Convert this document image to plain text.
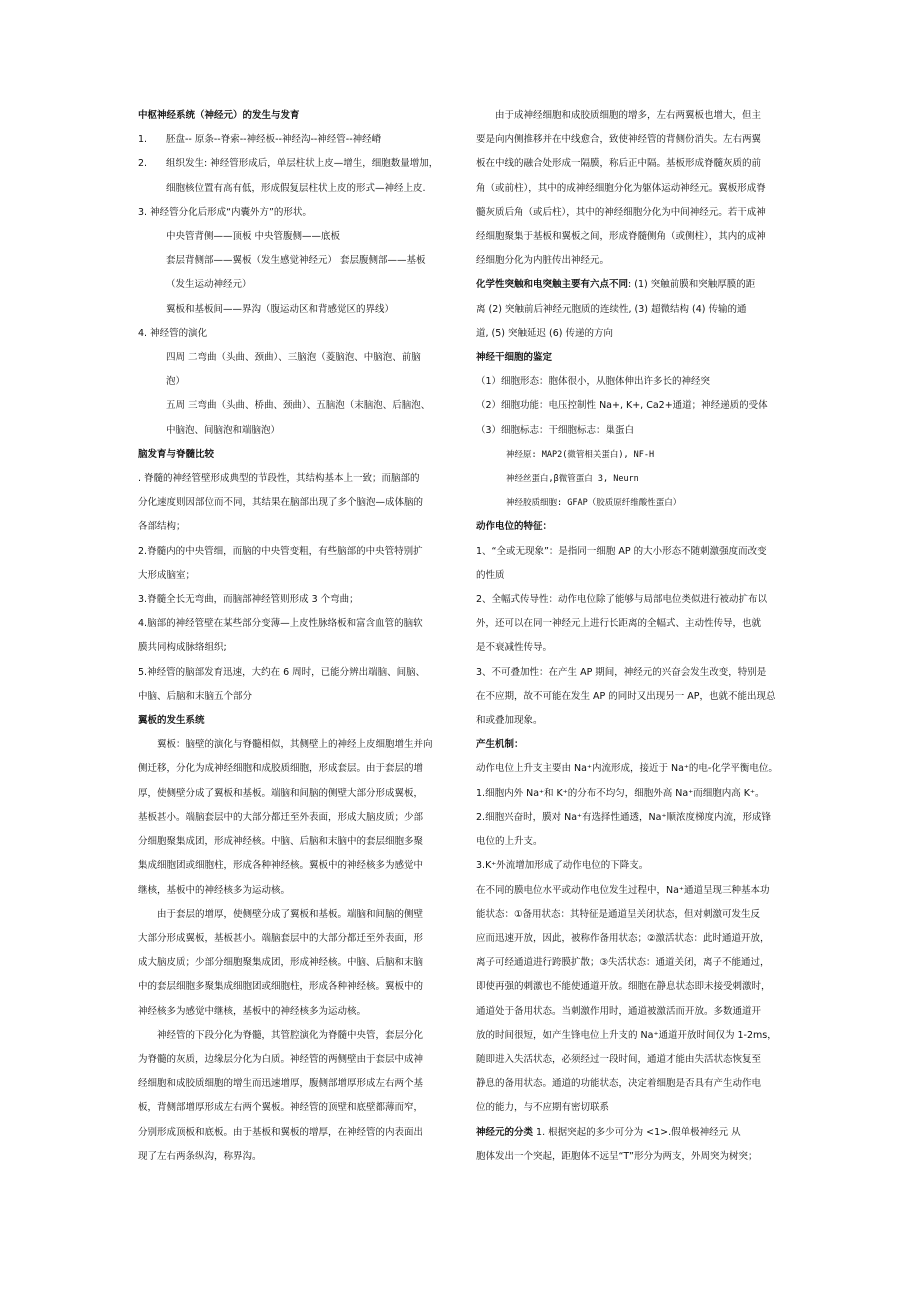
中枢神经系统（神经元）的发生与发育

1.	胚盘-- 原条--脊索--神经板--神经沟--神经管--神经嵴
2.	组织发生: 神经管形成后，单层柱状上皮—增生，细胞数量增加，

细胞核位置有高有低，形成假复层柱状上皮的形式—神经上皮.

3. 神经管分化后形成“内囊外方”的形状。

中央管背侧——顶板 中央管腹侧——底板

套层背侧部——翼板（发生感觉神经元） 套层腹侧部——基板

（发生运动神经元）

翼板和基板间——界沟（腹运动区和背感觉区的界线）

4. 神经管的演化

四周 二弯曲（头曲、颈曲）、三脑泡（菱脑泡、中脑泡、前脑

泡）

五周 三弯曲（头曲、桥曲、颈曲）、五脑泡（末脑泡、后脑泡、

中脑泡、间脑泡和端脑泡）

脑发育与脊髓比较

. 脊髓的神经管壁形成典型的节段性，其结构基本上一致；而脑部的

分化速度则因部位而不同，其结果在脑部出现了多个脑泡—成体脑的

各部结构；

2.脊髓内的中央管细，而脑的中央管变粗，有些脑部的中央管特别扩

大形成脑室；

3.脊髓全长无弯曲，而脑部神经管则形成 3 个弯曲；

4.脑部的神经管壁在某些部分变薄—上皮性脉络板和富含血管的脑软

膜共同构成脉络组织;

5.神经管的脑部发育迅速，大约在 6 周时，已能分辨出端脑、间脑、

中脑、后脑和末脑五个部分

翼板的发生系统

翼板：脑壁的演化与脊髓相似，其侧壁上的神经上皮细胞增生并向

侧迁移，分化为成神经细胞和成胶质细胞，形成套层。由于套层的增

厚，使侧壁分成了翼板和基板。端脑和间脑的侧壁大部分形成翼板，

基板甚小。端脑套层中的大部分都迁至外表面，形成大脑皮质；少部

分细胞聚集成团，形成神经核。中脑、后脑和末脑中的套层细胞多聚

集成细胞团或细胞柱，形成各种神经核。翼板中的神经核多为感觉中

继核，基板中的神经核多为运动核。

由于套层的增厚，使侧壁分成了翼板和基板。端脑和间脑的侧壁

大部分形成翼板，基板甚小。端脑套层中的大部分都迁至外表面，形

成大脑皮质；少部分细胞聚集成团，形成神经核。中脑、后脑和末脑

中的套层细胞多聚集成细胞团或细胞柱，形成各种神经核。翼板中的

神经核多为感觉中继核，基板中的神经核多为运动核。

神经管的下段分化为脊髓，其管腔演化为脊髓中央管，套层分化

为脊髓的灰质，边缘层分化为白质。神经管的两侧壁由于套层中成神

经细胞和成胶质细胞的增生而迅速增厚，腹侧部增厚形成左右两个基

板，背侧部增厚形成左右两个翼板。神经管的顶壁和底壁都薄而窄，

分别形成顶板和底板。由于基板和翼板的增厚，在神经管的内表面出

现了左右两条纵沟，称界沟。

由于成神经细胞和成胶质细胞的增多，左右两翼板也增大，但主

要是向内侧推移并在中线愈合，致使神经管的背侧份消失。左右两翼

板在中线的融合处形成一隔膜，称后正中隔。基板形成脊髓灰质的前

角（或前柱），其中的成神经细胞分化为躯体运动神经元。翼板形成脊

髓灰质后角（或后柱），其中的神经细胞分化为中间神经元。若干成神

经细胞聚集于基板和翼板之间，形成脊髓侧角（或侧柱），其内的成神

经细胞分化为内脏传出神经元。

化学性突触和电突触主要有六点不同: (1) 突触前膜和突触厚膜的距

离 (2) 突触前后神经元胞质的连续性, (3) 超微结构 (4) 传输的通

道, (5) 突触延迟 (6) 传递的方向

神经干细胞的鉴定

（1）细胞形态：胞体很小，从胞体伸出许多长的神经突

（2）细胞功能：电压控制性 Na+, K+, Ca2+通道；神经递质的受体

（3）细胞标志：干细胞标志：巢蛋白

神经原: MAP2(微管相关蛋白), NF-H

神经丝蛋白,β微管蛋白 3, Neurn

神经胶质细胞: GFAP（胶质原纤维酸性蛋白）

动作电位的特征：

1、“全或无现象”：是指同一细胞 AP 的大小形态不随刺激强度而改变

的性质

2、全幅式传导性：动作电位除了能够与局部电位类似进行被动扩布以

外，还可以在同一神经元上进行长距离的全幅式、主动性传导，也就

是不衰减性传导。

3、不可叠加性：在产生 AP 期间，神经元的兴奋会发生改变，特别是

在不应期，故不可能在发生 AP 的同时又出现另一 AP，也就不能出现总

和或叠加现象。

产生机制：

动作电位上升支主要由 Na⁺内流形成，接近于 Na⁺的电-化学平衡电位。

1.细胞内外 Na⁺和 K⁺的分布不均匀，细胞外高 Na⁺而细胞内高 K⁺。

2.细胞兴奋时，膜对 Na⁺有选择性通透，Na⁺顺浓度梯度内流，形成锋

电位的上升支。

3.K⁺外流增加形成了动作电位的下降支。

在不同的膜电位水平或动作电位发生过程中，Na⁺通道呈现三种基本功

能状态：①备用状态：其特征是通道呈关闭状态，但对刺激可发生反

应而迅速开放，因此，被称作备用状态；②激活状态：此时通道开放，

离子可经通道进行跨膜扩散；③失活状态：通道关闭，离子不能通过，

即使再强的刺激也不能使通道开放。细胞在静息状态即未接受刺激时，

通道处于备用状态。当刺激作用时，通道被激活而开放。多数通道开

放的时间很短，如产生锋电位上升支的 Na⁺通道开放时间仅为 1-2ms，

随即进入失活状态，必须经过一段时间，通道才能由失活状态恢复至

静息的备用状态。通道的功能状态，决定着细胞是否具有产生动作电

位的能力，与不应期有密切联系

神经元的分类 1. 根据突起的多少可分为 <1>.假单极神经元 从

胞体发出一个突起，距胞体不远呈“T”形分为两支，外周突为树突；
